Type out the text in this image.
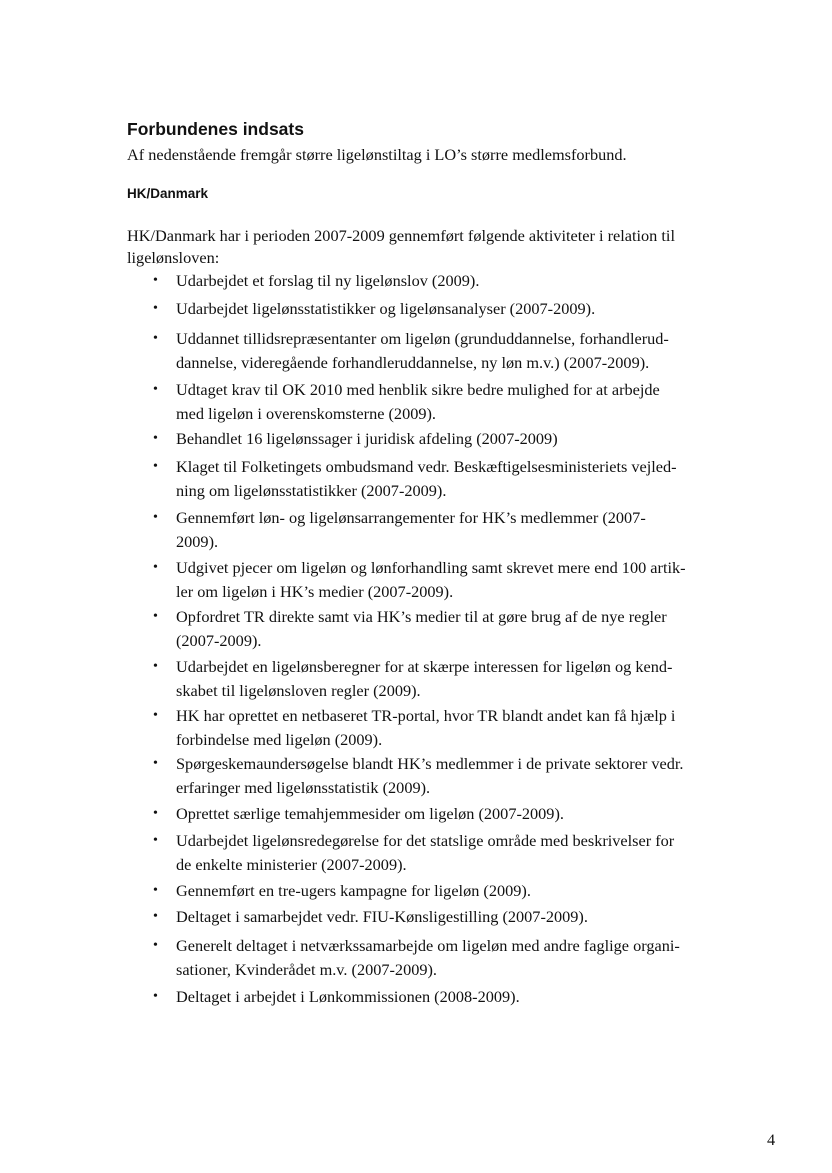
Forbundenes indsats
Af nedenstående fremgår større ligelønstiltag i LO’s større medlemsforbund.
HK/Danmark
HK/Danmark har i perioden 2007-2009 gennemført følgende aktiviteter i relation til
ligelønsloven:
• Udarbejdet et forslag til ny ligelønslov (2009).
• Udarbejdet ligelønsstatistikker og ligelønsanalyser (2007-2009).
• Uddannet tillidsrepræsentanter om ligeløn (grunduddannelse, forhandlerud-
dannelse, videregående forhandleruddannelse, ny løn m.v.) (2007-2009).
• Udtaget krav til OK 2010 med henblik sikre bedre mulighed for at arbejde
med ligeløn i overenskomsterne (2009).
• Behandlet 16 ligelønssager i juridisk afdeling (2007-2009)
• Klaget til Folketingets ombudsmand vedr. Beskæftigelsesministeriets vejled-
ning om ligelønsstatistikker (2007-2009).
• Gennemført løn- og ligelønsarrangementer for HK’s medlemmer (2007-
2009).
• Udgivet pjecer om ligeløn og lønforhandling samt skrevet mere end 100 artik-
ler om ligeløn i HK’s medier (2007-2009).
• Opfordret TR direkte samt via HK’s medier til at gøre brug af de nye regler
(2007-2009).
• Udarbejdet en ligelønsberegner for at skærpe interessen for ligeløn og kend-
skabet til ligelønsloven regler (2009).
• HK har oprettet en netbaseret TR-portal, hvor TR blandt andet kan få hjælp i
forbindelse med ligeløn (2009).
• Spørgeskemaundersøgelse blandt HK’s medlemmer i de private sektorer vedr.
erfaringer med ligelønsstatistik (2009).
• Oprettet særlige temahjemmesider om ligeløn (2007-2009).
• Udarbejdet ligelønsredegørelse for det statslige område med beskrivelser for
de enkelte ministerier (2007-2009).
• Gennemført en tre-ugers kampagne for ligeløn (2009).
• Deltaget i samarbejdet vedr. FIU-Kønsligestilling (2007-2009).
• Generelt deltaget i netværkssamarbejde om ligeløn med andre faglige organi-
sationer, Kvinderådet m.v. (2007-2009).
• Deltaget i arbejdet i Lønkommissionen (2008-2009).
4
